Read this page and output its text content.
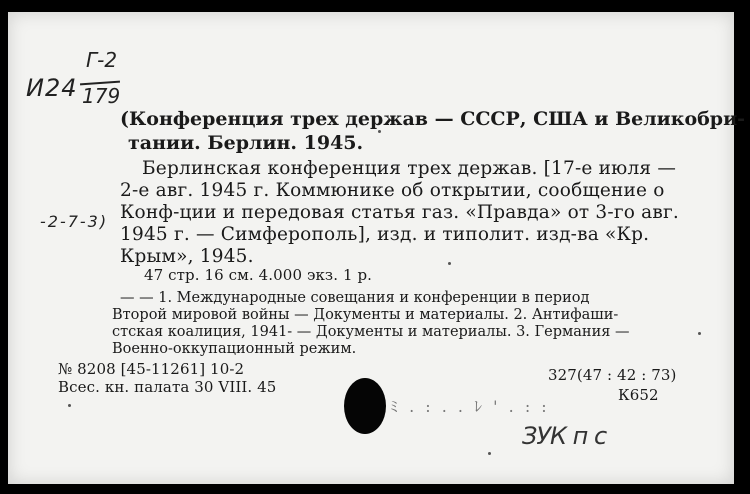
И24
Г-2
179
(Конференция трех держав — СССР, США и Великобри-
тании. Берлин. 1945.
Берлинская конференция трех держав. [17-е июля —
2-е авг. 1945 г. Коммюнике об открытии, сообщение о
Конф-ции и передовая статья газ. «Правда» от 3-го авг.
1945 г. — Симферополь], изд. и типолит. изд-ва «Кр.
Крым», 1945.
-2-7-3)
47 стр. 16 см. 4.000 экз. 1 р.
— — 1. Международные совещания и конференции в период
Второй мировой войны — Документы и материалы. 2. Антифаши-
стская коалиция, 1941- — Документы и материалы. 3. Германия —
Военно-оккупационный режим.
№ 8208 [45-11261] 10-2
Всес. кн. палата 30 VIII. 45
327(47 : 42 : 73)
К652
ﾐ . : . . ﾚ ' . : :
ЗУК п с
